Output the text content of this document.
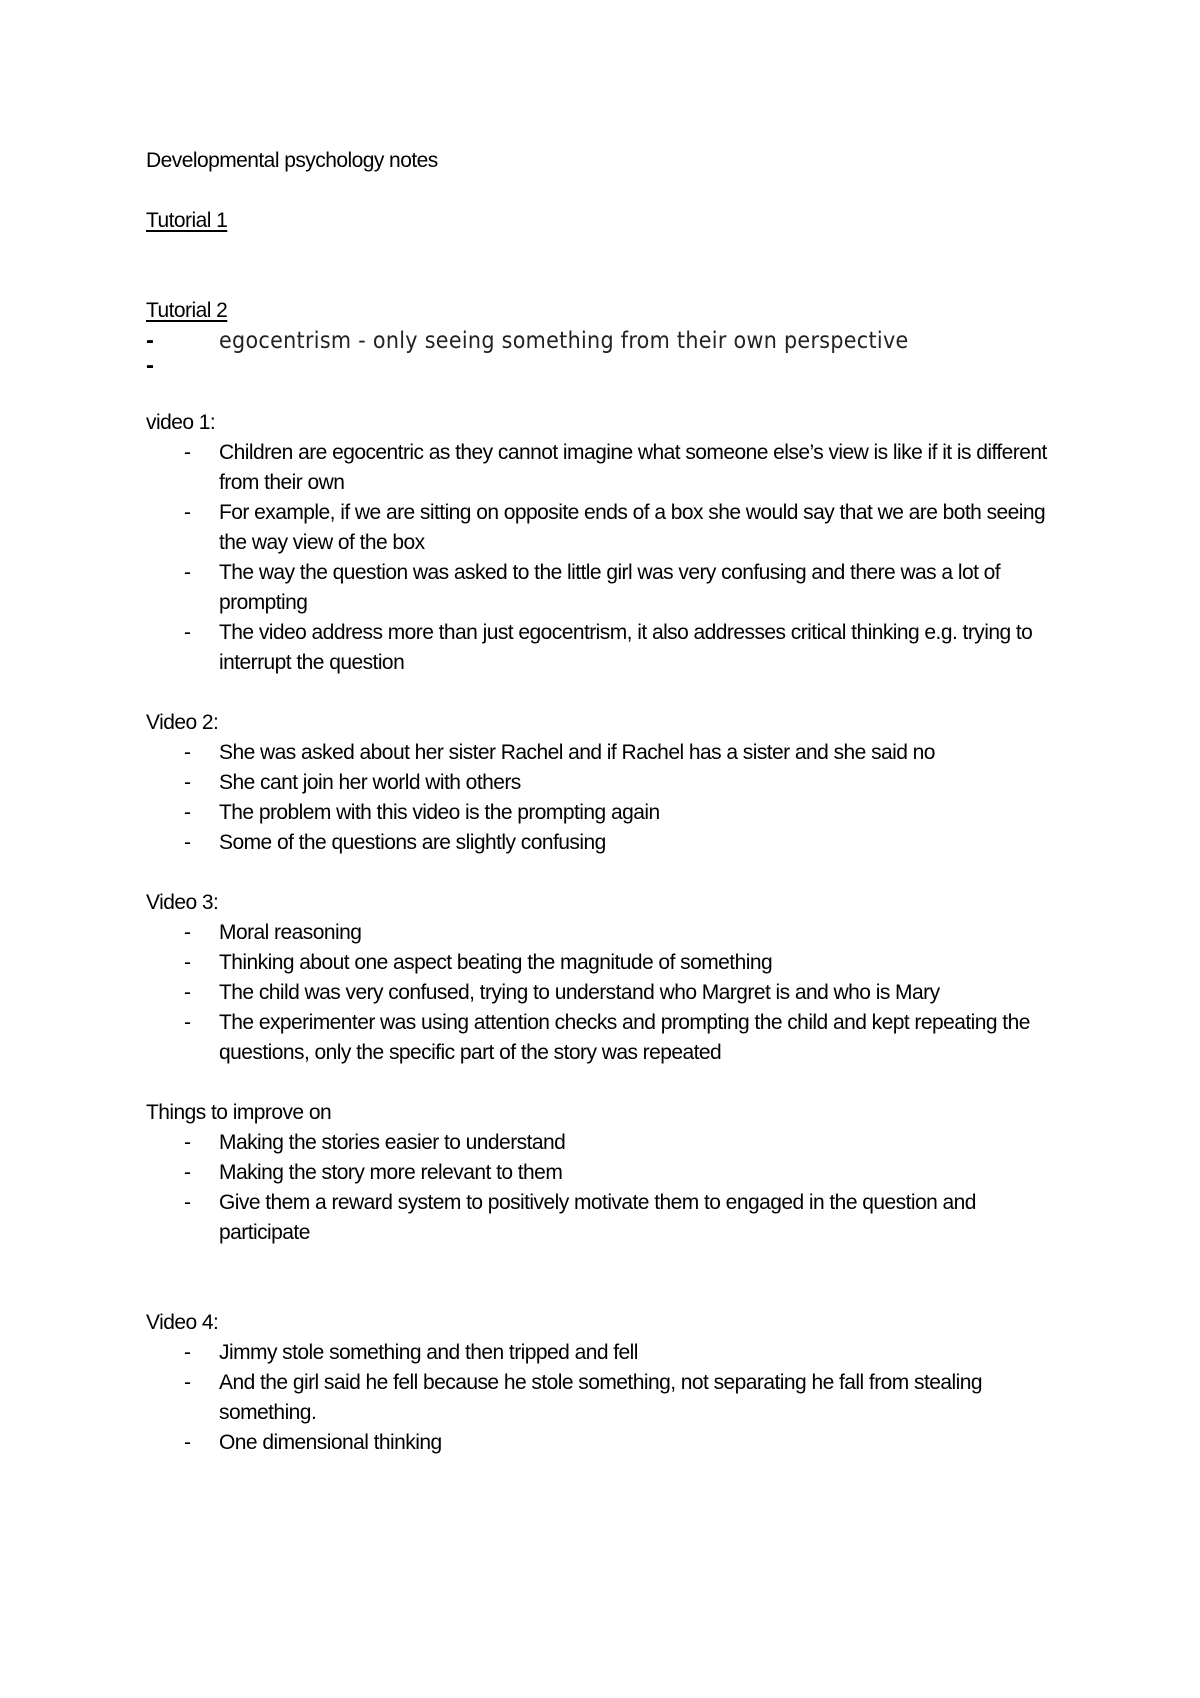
Developmental psychology notes

Tutorial 1

Tutorial 2

-	egocentrism - only seeing something from their own perspective
-

video 1:

- Children are egocentric as they cannot imagine what someone else’s view is like if it is different from their own
- For example, if we are sitting on opposite ends of a box she would say that we are both seeing the way view of the box
- The way the question was asked to the little girl was very confusing and there was a lot of prompting
- The video address more than just egocentrism, it also addresses critical thinking e.g. trying to interrupt the question

Video 2:

- She was asked about her sister Rachel and if Rachel has a sister and she said no
- She cant join her world with others
- The problem with this video is the prompting again
- Some of the questions are slightly confusing

Video 3:

- Moral reasoning
- Thinking about one aspect beating the magnitude of something
- The child was very confused, trying to understand who Margret is and who is Mary
- The experimenter was using attention checks and prompting the child and kept repeating the questions, only the specific part of the story was repeated

Things to improve on

- Making the stories easier to understand
- Making the story more relevant to them
- Give them a reward system to positively motivate them to engaged in the question and participate

Video 4:

- Jimmy stole something and then tripped and fell
- And the girl said he fell because he stole something, not separating he fall from stealing something.
- One dimensional thinking
